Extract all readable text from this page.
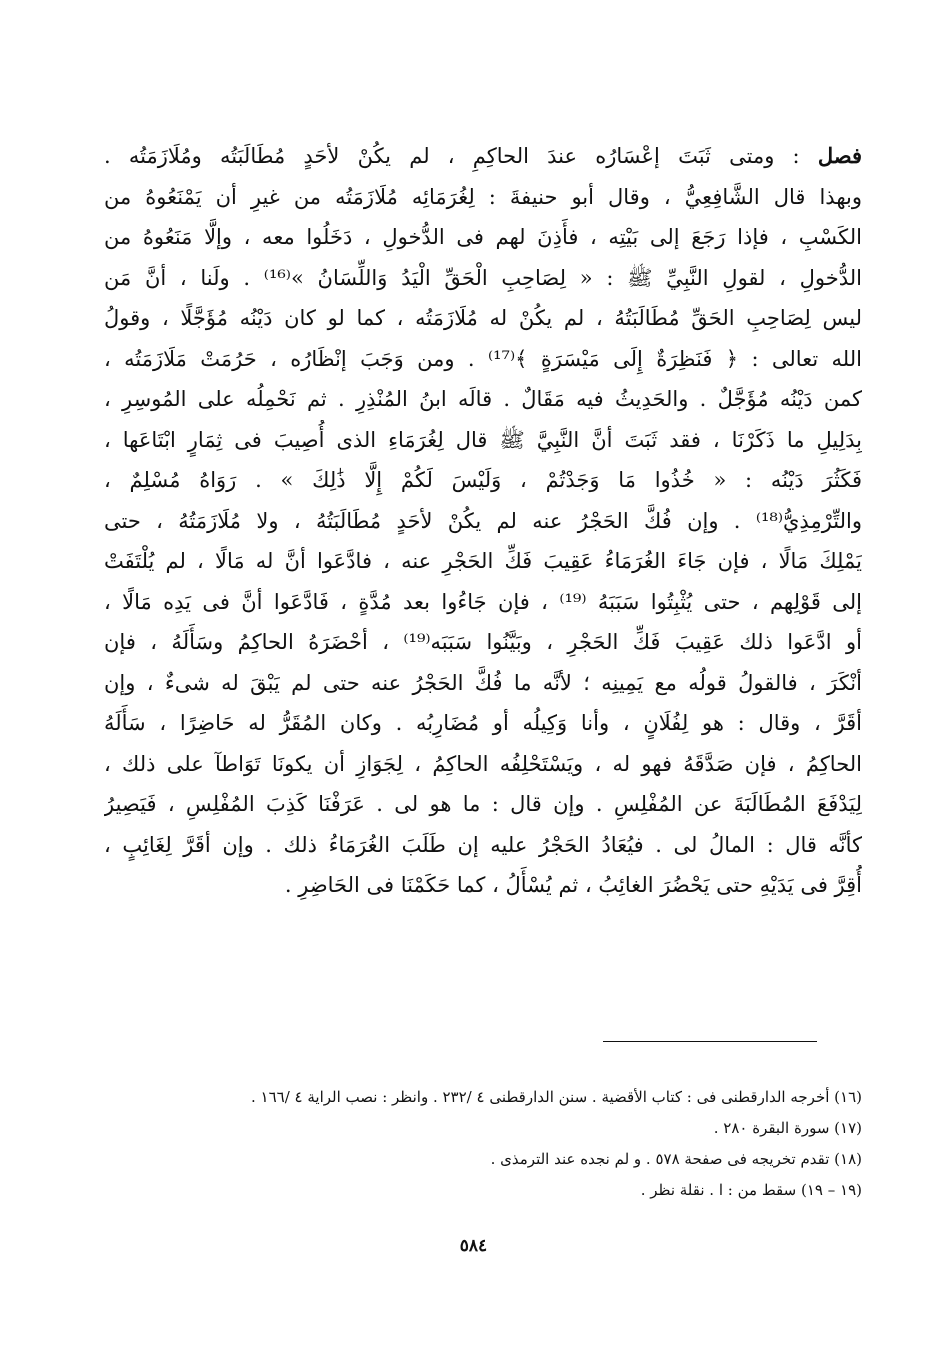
فصل : ومتى ثَبَتَ إعْسَارُه عندَ الحاكِمِ ، لم يكُنْ لأحَدٍ مُطَالَبَتُه ومُلَازَمَتُه .
وبهذا قال الشَّافِعِيُّ ، وقال أبو حنيفةَ : لِغُرَمَائِه مُلَازَمَتُه من غيرِ أن يَمْنَعُوهُ من
الكَسْبِ ، فإذا رَجَعَ إلى بَيْتِه ، فأَذِنَ لهم فى الدُّخولِ ، دَخَلُوا معه ، وإلَّا مَنَعُوهُ من
الدُّخولِ ، لقولِ النَّبِيِّ ﷺ : « لِصَاحِبِ الْحَقِّ الْيَدُ وَاللِّسَانُ »⁽¹⁶⁾ . ولَنا ، أنَّ مَن
ليس لِصَاحِبِ الحَقِّ مُطَالَبَتُهُ ، لم يكُنْ له مُلَازَمَتُه ، كما لو كان دَيْنُه مُؤَجَّلًا ، وقولُ
الله تعالى : ﴿ فَنَظِرَةٌ إِلَى مَيْسَرَةٍ ﴾⁽¹⁷⁾ . ومن وَجَبَ إنْظَارُه ، حَرُمَتْ مَلَازَمَتُه ،
كمن دَيْنُه مُؤَجَّلٌ . والحَدِيثُ فيه مَقَالٌ . قالَه ابنُ المُنْذِرِ . ثم نَحْمِلُه على المُوسِرِ ،
بِدَلِيلِ ما ذَكَرْنَا ، فقد ثَبَتَ أنَّ النَّبِيَّ ﷺ قال لِغُرَمَاءِ الذى أُصِيبَ فى ثِمَارٍ ابْتَاعَها ،
فَكَثُرَ دَيْنُه : « خُذُوا مَا وَجَدْتُمْ ، وَلَيْسَ لَكُمْ إِلَّا ذَٰلِكَ » . رَوَاهُ مُسْلِمٌ ،
والتِّرْمِذِيُّ⁽¹⁸⁾ . وإن فُكَّ الحَجْرُ عنه لم يكُنْ لأحَدٍ مُطَالَبَتُهُ ، ولا مُلَازَمَتُهُ ، حتى
يَمْلِكَ مَالًا ، فإن جَاءَ الغُرَمَاءُ عَقِيبَ فَكِّ الحَجْرِ عنه ، فادَّعَوا أنَّ له مَالًا ، لم يُلْتَفَتْ
إلى قَوْلِهم ، حتى يُثْبِتُوا سَبَبَهُ ⁽¹⁹⁾ ، فإن جَاءُوا بعد مُدَّةٍ ، فَادَّعَوا أنَّ فى يَدِه مَالًا ،
أو ادَّعَوا ذلك عَقِيبَ فَكِّ الحَجْرِ ، وبَيَّنُوا سَبَبَه⁽¹⁹⁾ ، أحْضَرَهُ الحاكِمُ وسَأَلَهُ ، فإن
أنْكَرَ ، فالقولُ قولُه مع يَمِينِه ؛ لأنَّه ما فُكَّ الحَجْرُ عنه حتى لم يَبْقَ له شىءٌ ، وإن
أقَرَّ ، وقال : هو لِفُلَانٍ ، وأنا وَكِيلُه أو مُضَارِبُه . وكان المُقَرُّ له حَاضِرًا ، سَأَلَهُ
الحاكِمُ ، فإن صَدَّقَهُ فهو له ، ويَسْتَحْلِفُه الحاكِمُ ، لِجَوَازِ أن يكونَا تَوَاطآ على ذلك ،
لِيَدْفَعَ المُطَالَبَةَ عن المُفْلِسِ . وإن قال : ما هو لى . عَرَفْنَا كَذِبَ المُفْلِسِ ، فَيَصِيرُ
كأنَّه قال : المالُ لى . فيُعَادُ الحَجْرُ عليه إن طَلَبَ الغُرَمَاءُ ذلك . وإن أقَرَّ لِغَائِبٍ ،
أُقِرَّ فى يَدَيْهِ حتى يَحْضُرَ الغائِبُ ، ثم يُسْأَلُ ، كما حَكَمْنَا فى الحَاضِرِ .
(١٦) أخرجه الدارقطنى فى : كتاب الأقضية . سنن الدارقطنى ٤ /٢٣٢ . وانظر : نصب الراية ٤ /١٦٦ .
(١٧) سورة البقرة ٢٨٠ .
(١٨) تقدم تخريجه فى صفحة ٥٧٨ . و لم نجده عند الترمذى .
(١٩ – ١٩) سقط من : ا . نقلة نظر .
٥٨٤
